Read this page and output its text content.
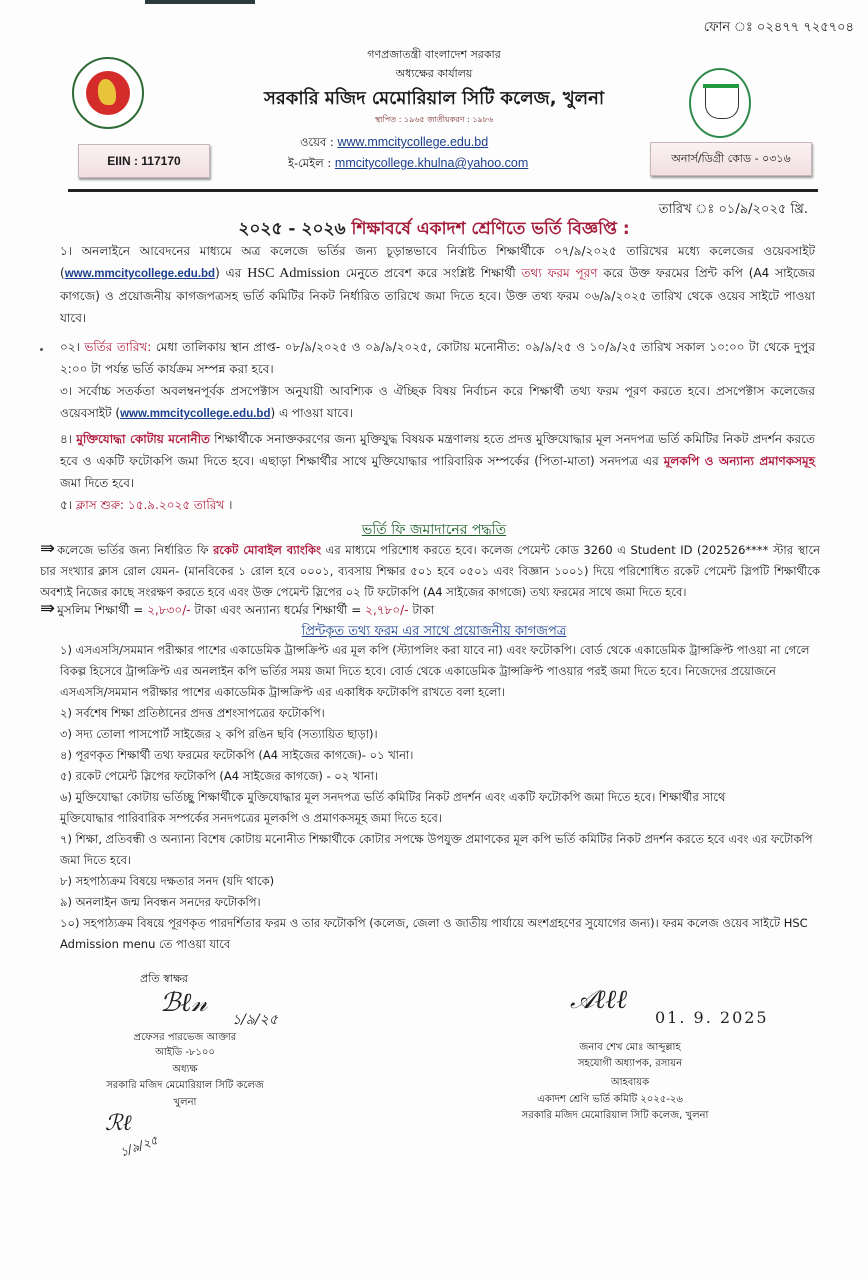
ফোন ঃ ০২৪৭৭ ৭২৫৭০৪
গণপ্রজাতন্ত্রী বাংলাদেশ সরকার
অধ্যক্ষের কার্যালয়
সরকারি মজিদ মেমোরিয়াল সিটি কলেজ, খুলনা
স্থাপিত : ১৯৬৫ জাতীয়করণ : ১৯৮৬
ওয়েব : www.mmcitycollege.edu.bd
ই-মেইল : mmcitycollege.khulna@yahoo.com
EIIN : 117170	অনার্স/ডিগ্রী কোড - ০৩১৬
তারিখ ঃ ০১/৯/২০২৫ খ্রি.
২০২৫ - ২০২৬ শিক্ষাবর্ষে একাদশ শ্রেণিতে ভর্তি বিজ্ঞপ্তি :
১। অনলাইনে আবেদনের মাধ্যমে অত্র কলেজে ভর্তির জন্য চূড়ান্তভাবে নির্বাচিত শিক্ষার্থীকে ০৭/৯/২০২৫ তারিখের মধ্যে কলেজের ওয়েবসাইট (www.mmcitycollege.edu.bd) এর HSC Admission মেনুতে প্রবেশ করে সংশ্লিষ্ট শিক্ষার্থী তথ্য ফরম পূরণ করে উক্ত ফরমের প্রিন্ট কপি (A4 সাইজের কাগজে) ও প্রয়োজনীয় কাগজপত্রসহ ভর্তি কমিটির নিকট নির্ধারিত তারিখে জমা দিতে হবে। উক্ত তথ্য ফরম ০৬/৯/২০২৫ তারিখ থেকে ওয়েব সাইটে পাওয়া যাবে।
০২। ভর্তির তারিখ: মেধা তালিকায় স্থান প্রাপ্ত- ০৮/৯/২০২৫ ও ০৯/৯/২০২৫, কোটায় মনোনীত: ০৯/৯/২৫ ও ১০/৯/২৫ তারিখ সকাল ১০:০০ টা থেকে দুপুর ২:০০ টা পর্যন্ত ভর্তি কার্যক্রম সম্পন্ন করা হবে।
৩। সর্বোচ্চ সতর্কতা অবলম্বনপূর্বক প্রসপেক্টাস অনুযায়ী আবশ্যিক ও ঐচ্ছিক বিষয় নির্বাচন করে শিক্ষার্থী তথ্য ফরম পূরণ করতে হবে। প্রসপেক্টাস কলেজের ওয়েবসাইট (www.mmcitycollege.edu.bd) এ পাওয়া যাবে।
৪। মুক্তিযোদ্ধা কোটায় মনোনীত শিক্ষার্থীকে সনাক্তকরণের জন্য মুক্তিযুদ্ধ বিষয়ক মন্ত্রণালয় হতে প্রদত্ত মুক্তিযোদ্ধার মূল সনদপত্র ভর্তি কমিটির নিকট প্রদর্শন করতে হবে ও একটি ফটোকপি জমা দিতে হবে। এছাড়া শিক্ষার্থীর সাথে মুক্তিযোদ্ধার পারিবারিক সম্পর্কের (পিতা-মাতা) সনদপত্র এর মূলকপি ও অন্যান্য প্রমাণকসমূহ জমা দিতে হবে।
৫। ক্লাস শুরু: ১৫.৯.২০২৫ তারিখ ।
ভর্তি ফি জমাদানের পদ্ধতি
⇛ কলেজে ভর্তির জন্য নির্ধারিত ফি রকেট মোবাইল ব্যাংকিং এর মাধ্যমে পরিশোধ করতে হবে। কলেজ পেমেন্ট কোড 3260 এ Student ID (202526**** স্টার স্থানে চার সংখ্যার ক্লাস রোল যেমন- (মানবিকের ১ রোল হবে ০০০১, ব্যবসায় শিক্ষার ৫০১ হবে ০৫০১ এবং বিজ্ঞান ১০০১) দিয়ে পরিশোধিত রকেট পেমেন্ট স্লিপটি শিক্ষার্থীকে অবশ্যই নিজের কাছে সংরক্ষণ করতে হবে এবং উক্ত পেমেন্ট স্লিপের ০২ টি ফটোকপি (A4 সাইজের কাগজে) তথ্য ফরমের সাথে জমা দিতে হবে।
⇛ মুসলিম শিক্ষার্থী = ২,৮৩০/- টাকা এবং অন্যান্য ধর্মের শিক্ষার্থী = ২,৭৮০/- টাকা
প্রিন্টকৃত তথ্য ফরম এর সাথে প্রয়োজনীয় কাগজপত্র
১) এসএসসি/সমমান পরীক্ষার পাশের একাডেমিক ট্রান্সক্রিপ্ট এর মূল কপি (স্ট্যাপলিং করা যাবে না) এবং ফটোকপি। বোর্ড থেকে একাডেমিক ট্রান্সক্রিপ্ট পাওয়া না গেলে বিকল্প হিসেবে ট্রান্সক্রিপ্ট এর অনলাইন কপি ভর্তির সময় জমা দিতে হবে। বোর্ড থেকে একাডেমিক ট্রান্সক্রিপ্ট পাওয়ার পরই জমা দিতে হবে। নিজেদের প্রয়োজনে এসএসসি/সমমান পরীক্ষার পাশের একাডেমিক ট্রান্সক্রিপ্ট এর একাধিক ফটোকপি রাখতে বলা হলো।
২) সর্বশেষ শিক্ষা প্রতিষ্ঠানের প্রদত্ত প্রশংসাপত্রের ফটোকপি।
৩) সদ্য তোলা পাসপোর্ট সাইজের ২ কপি রঙিন ছবি (সত্যায়িত ছাড়া)।
৪) পূরণকৃত শিক্ষার্থী তথ্য ফরমের ফটোকপি (A4 সাইজের কাগজে)- ০১ খানা।
৫) রকেট পেমেন্ট স্লিপের ফটোকপি (A4 সাইজের কাগজে) - ০২ খানা।
৬) মুক্তিযোদ্ধা কোটায় ভর্তিচ্ছু শিক্ষার্থীকে মুক্তিযোদ্ধার মূল সনদপত্র ভর্তি কমিটির নিকট প্রদর্শন এবং একটি ফটোকপি জমা দিতে হবে। শিক্ষার্থীর সাথে মুক্তিযোদ্ধার পারিবারিক সম্পর্কের সনদপত্রের মূলকপি ও প্রমাণকসমূহ জমা দিতে হবে।
৭) শিক্ষা, প্রতিবন্ধী ও অন্যান্য বিশেষ কোটায় মনোনীত শিক্ষার্থীকে কোটার সপক্ষে উপযুক্ত প্রমাণকের মূল কপি ভর্তি কমিটির নিকট প্রদর্শন করতে হবে এবং এর ফটোকপি জমা দিতে হবে।
৮) সহপাঠ্যক্রম বিষয়ে দক্ষতার সনদ (যদি থাকে)
৯) অনলাইন জন্ম নিবন্ধন সনদের ফটোকপি।
১০) সহপাঠ্যক্রম বিষয়ে পূরণকৃত পারদর্শিতার ফরম ও তার ফটোকপি (কলেজ, জেলা ও জাতীয় পার্যায়ে অংশগ্রহণের সুযোগের জন্য)। ফরম কলেজ ওয়েব সাইটে HSC Admission menu তে পাওয়া যাবে
প্রতি স্বাক্ষর
ℬℓ𝓃
১/৯/২৫
প্রফেসর পারভেজ আক্তার
আইডি -৮১০০
অধ্যক্ষ
সরকারি মজিদ মেমোরিয়াল সিটি কলেজ
খুলনা
ℛℓ
১/৯/২৫
𝒜ℓℓℓ
01. 9. 2025
জনাব শেখ মোঃ আব্দুল্লাহ
সহযোগী অধ্যাপক, রসায়ন
আহবায়ক
একাদশ শ্রেণি ভর্তি কমিটি ২০২৫-২৬
সরকারি মজিদ মেমোরিয়াল সিটি কলেজ, খুলনা
